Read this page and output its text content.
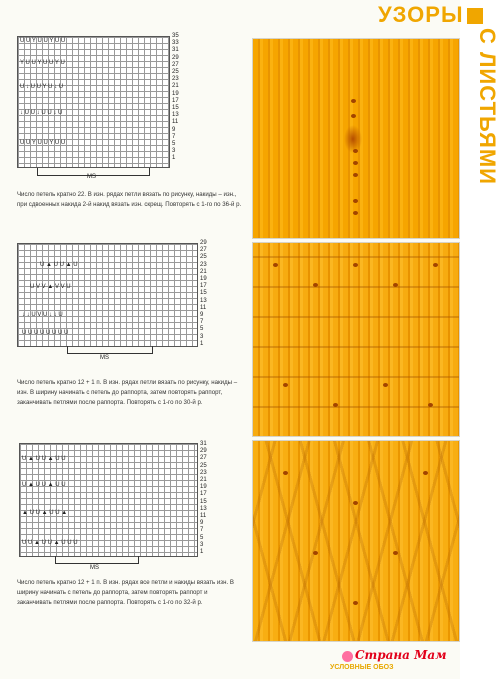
U U Y U U Y U U
Y U U Y U U Y U
U ↓ U U Y U ↓ U
↓ U U ↓ U U ↓ U
U U Y U U Y U U
35
33
31
29
27
25
23
21
19
17
15
13
11
9
7
5
3
1
MS
Число петель кратно 22. В изн. рядах петли вязать по рисунку, накиды – изн., при сдвоенных накида 2-й накид вязать изн. скрещ. Повторять с 1-го по 36-й р.
U ▲ U U ▲ U
U V V ▲ V V U
↓ ↓ U V U ↓ ↓ U
U U U U U U U U
29
27
25
23
21
19
17
15
13
11
9
7
5
3
1
MS
Число петель кратно 12 + 1 п. В изн. рядах петли вязать по рисунку, накиды – изн. В ширину начинать с петель до раппорта, затем повторять раппорт, заканчивать петлями после раппорта. Повторять с 1-го по 30-й р.
U ▲ U U ▲ U U
U ▲ U U ▲ U U
▲ U U ▲ U U ▲
U U ▲ U U ▲ U U U
31
29
27
25
23
21
19
17
15
13
11
9
7
5
3
1
MS
Число петель кратно 12 + 1 п. В изн. рядах все петли и накиды вязать изн. В ширину начинать с петель до раппорта, затем повторять раппорт и заканчивать петлями после раппорта. Повторять с 1-го по 32-й р.
УЗОРЫ
С ЛИСТЬЯМИ
УСЛОВНЫЕ ОБОЗ
Страна Мам
